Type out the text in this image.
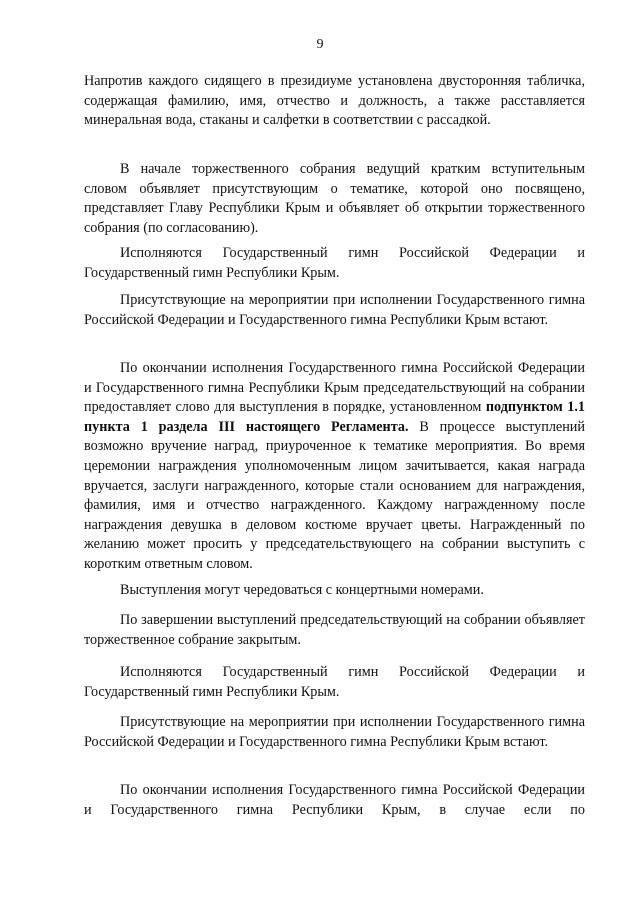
9

Напротив каждого сидящего в президиуме установлена двусторонняя табличка, содержащая фамилию, имя, отчество и должность, а также расставляется минеральная вода, стаканы и салфетки в соответствии с рассадкой.

В начале торжественного собрания ведущий кратким вступительным словом объявляет присутствующим о тематике, которой оно посвящено, представляет Главу Республики Крым и объявляет об открытии торжественного собрания (по согласованию).

Исполняются Государственный гимн Российской Федерации и Государственный гимн Республики Крым.

Присутствующие на мероприятии при исполнении Государственного гимна Российской Федерации и Государственного гимна Республики Крым встают.

По окончании исполнения Государственного гимна Российской Федерации и Государственного гимна Республики Крым председательствующий на собрании предоставляет слово для выступления в порядке, установленном подпунктом 1.1 пункта 1 раздела III настоящего Регламента. В процессе выступлений возможно вручение наград, приуроченное к тематике мероприятия. Во время церемонии награждения уполномоченным лицом зачитывается, какая награда вручается, заслуги награжденного, которые стали основанием для награждения, фамилия, имя и отчество награжденного. Каждому награжденному после награждения девушка в деловом костюме вручает цветы. Награжденный по желанию может просить у председательствующего на собрании выступить с коротким ответным словом.

Выступления могут чередоваться с концертными номерами.

По завершении выступлений председательствующий на собрании объявляет торжественное собрание закрытым.

Исполняются Государственный гимн Российской Федерации и Государственный гимн Республики Крым.

Присутствующие на мероприятии при исполнении Государственного гимна Российской Федерации и Государственного гимна Республики Крым встают.

По окончании исполнения Государственного гимна Российской Федерации и Государственного гимна Республики Крым, в случае если по
